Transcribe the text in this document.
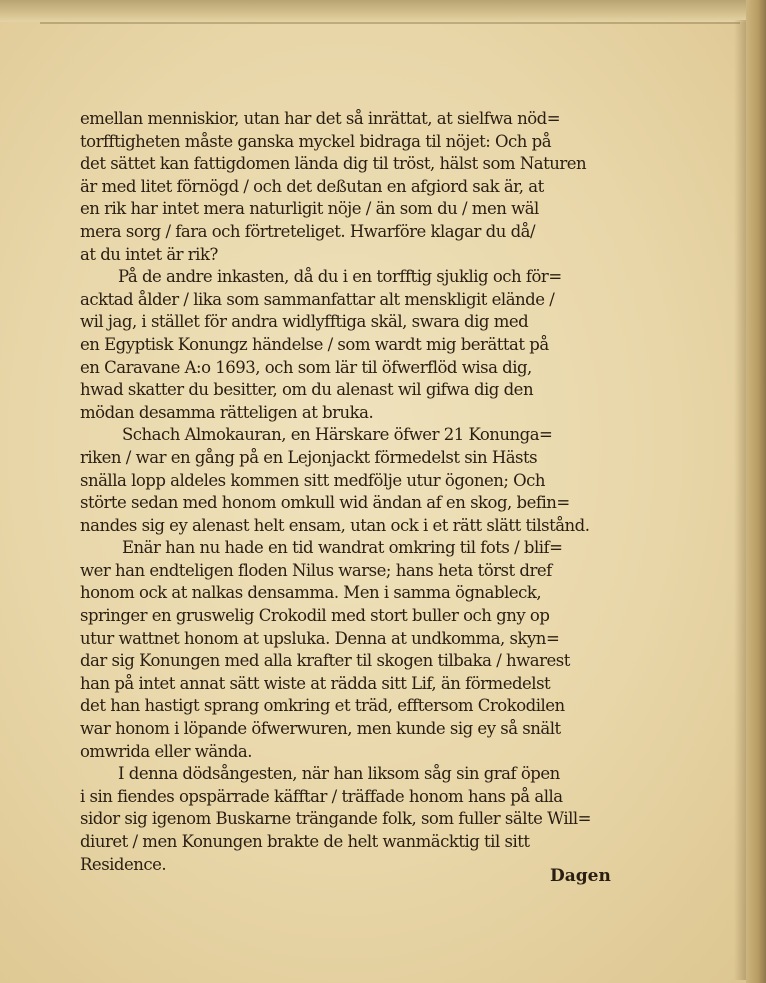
emellan menniskior, utan har det så inrättat, at sielfwa nöd=
torfftigheten måste ganska myckel bidraga til nöjet: Och på
det sättet kan fattigdomen lända dig til tröst, hälst som Naturen
är med litet förnögd / och det deßutan en afgiord sak är, at
en rik har intet mera naturligit nöje / än som du / men wäl
mera sorg / fara och förtreteliget. Hwarföre klagar du då/
at du intet är rik?
På de andre inkasten, då du i en torfftig sjuklig och för=
acktad ålder / lika som sammanfattar alt menskligit elände /
wil jag, i stället för andra widlyfftiga skäl, swara dig med
en Egyptisk Konungz händelse / som wardt mig berättat på
en Caravane A:o 1693, och som lär til öfwerflöd wisa dig,
hwad skatter du besitter, om du alenast wil gifwa dig den
mödan desamma rätteligen at bruka.
Schach Almokauran, en Härskare öfwer 21 Konunga=
riken / war en gång på en Lejonjackt förmedelst sin Hästs
snälla lopp aldeles kommen sitt medfölje utur ögonen; Och
störte sedan med honom omkull wid ändan af en skog, befin=
nandes sig ey alenast helt ensam, utan ock i et rätt slätt tilstånd.
Enär han nu hade en tid wandrat omkring til fots / blif=
wer han endteligen floden Nilus warse; hans heta törst dref
honom ock at nalkas densamma. Men i samma ögnableck,
springer en gruswelig Crokodil med stort buller och gny op
utur wattnet honom at upsluka. Denna at undkomma, skyn=
dar sig Konungen med alla krafter til skogen tilbaka / hwarest
han på intet annat sätt wiste at rädda sitt Lif, än förmedelst
det han hastigt sprang omkring et träd, efftersom Crokodilen
war honom i löpande öfwerwuren, men kunde sig ey så snält
omwrida eller wända.
I denna dödsångesten, när han liksom såg sin graf öpen
i sin fiendes opspärrade käfftar / träffade honom hans på alla
sidor sig igenom Buskarne trängande folk, som fuller sälte Will=
diuret / men Konungen brakte de helt wanmäcktig til sitt
Residence.
Dagen
